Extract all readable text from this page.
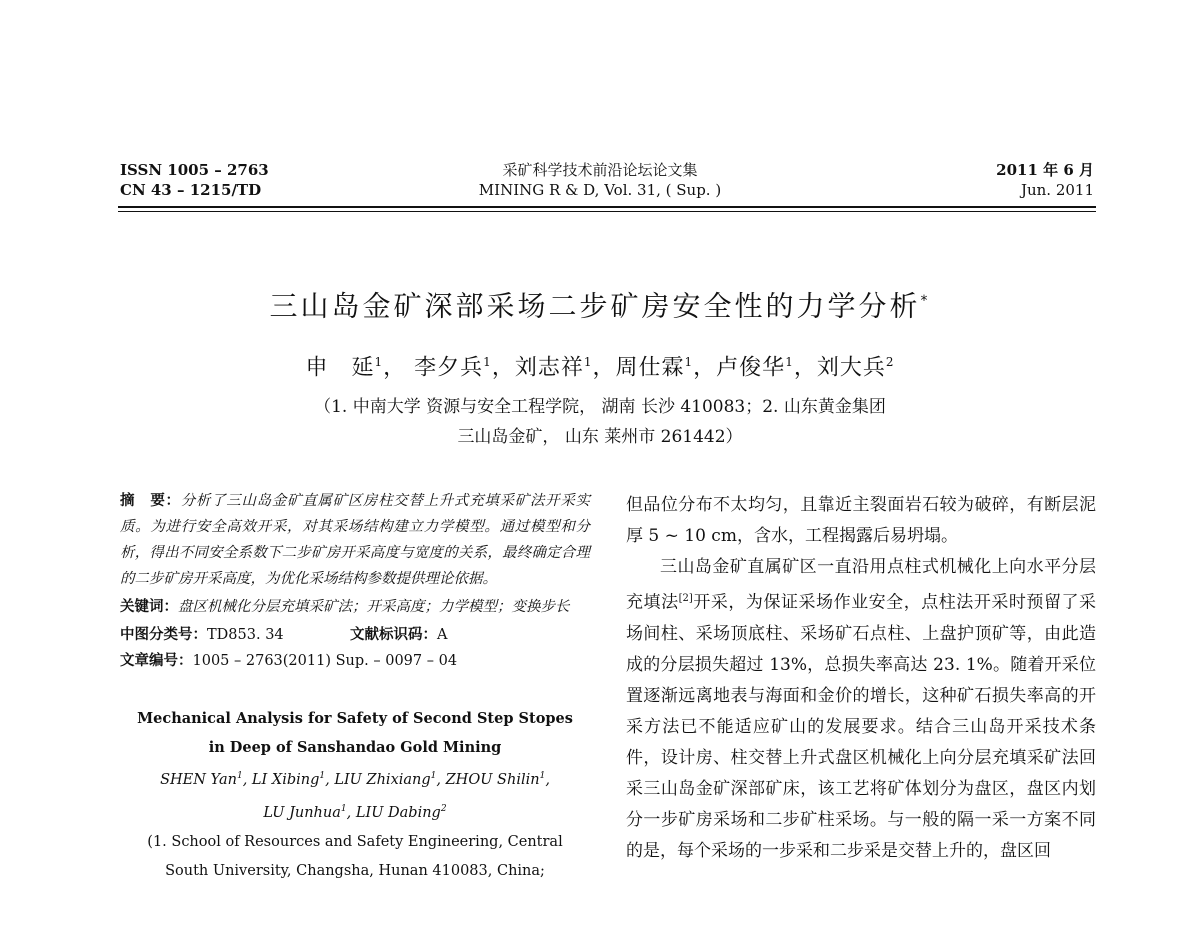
ISSN 1005 – 2763
CN 43 – 1215/TD
采矿科学技术前沿论坛论文集
MINING R & D, Vol. 31, ( Sup. )
2011 年 6 月
Jun. 2011
三山岛金矿深部采场二步矿房安全性的力学分析*
申　延$^1$， 李夕兵$^1$，刘志祥$^1$，周仕霖$^1$，卢俊华$^1$，刘大兵$^2$
（1. 中南大学 资源与安全工程学院， 湖南 长沙 410083；2. 山东黄金集团
三山岛金矿， 山东 莱州市 261442）
摘　要：分析了三山岛金矿直属矿区房柱交替上升式充填采矿法开采实质。为进行安全高效开采，对其采场结构建立力学模型。通过模型和分析，得出不同安全系数下二步矿房开采高度与宽度的关系，最终确定合理的二步矿房开采高度，为优化采场结构参数提供理论依据。
关键词：盘区机械化分层充填采矿法；开采高度；力学模型；变换步长
中图分类号：TD853. 34	文献标识码：A
文章编号：1005 – 2763(2011) Sup. – 0097 – 04
Mechanical Analysis for Safety of Second Step Stopes
in Deep of Sanshandao Gold Mining
SHEN Yan$^1$, LI Xibing$^1$, LIU Zhixiang$^1$, ZHOU Shilin$^1$,
LU Junhua$^1$, LIU Dabing$^2$
(1. School of Resources and Safety Engineering, Central
South University, Changsha, Hunan 410083, China;

但品位分布不太均匀，且靠近主裂面岩石较为破碎，有断层泥厚 5 ~ 10 cm，含水，工程揭露后易坍塌。

三山岛金矿直属矿区一直沿用点柱式机械化上向水平分层充填法[2]开采，为保证采场作业安全，点柱法开采时预留了采场间柱、采场顶底柱、采场矿石点柱、上盘护顶矿等，由此造成的分层损失超过 13%，总损失率高达 23. 1%。随着开采位置逐渐远离地表与海面和金价的增长，这种矿石损失率高的开采方法已不能适应矿山的发展要求。结合三山岛开采技术条件，设计房、柱交替上升式盘区机械化上向分层充填采矿法回采三山岛金矿深部矿床，该工艺将矿体划分为盘区，盘区内划分一步矿房采场和二步矿柱采场。与一般的隔一采一方案不同的是，每个采场的一步采和二步采是交替上升的，盘区回
